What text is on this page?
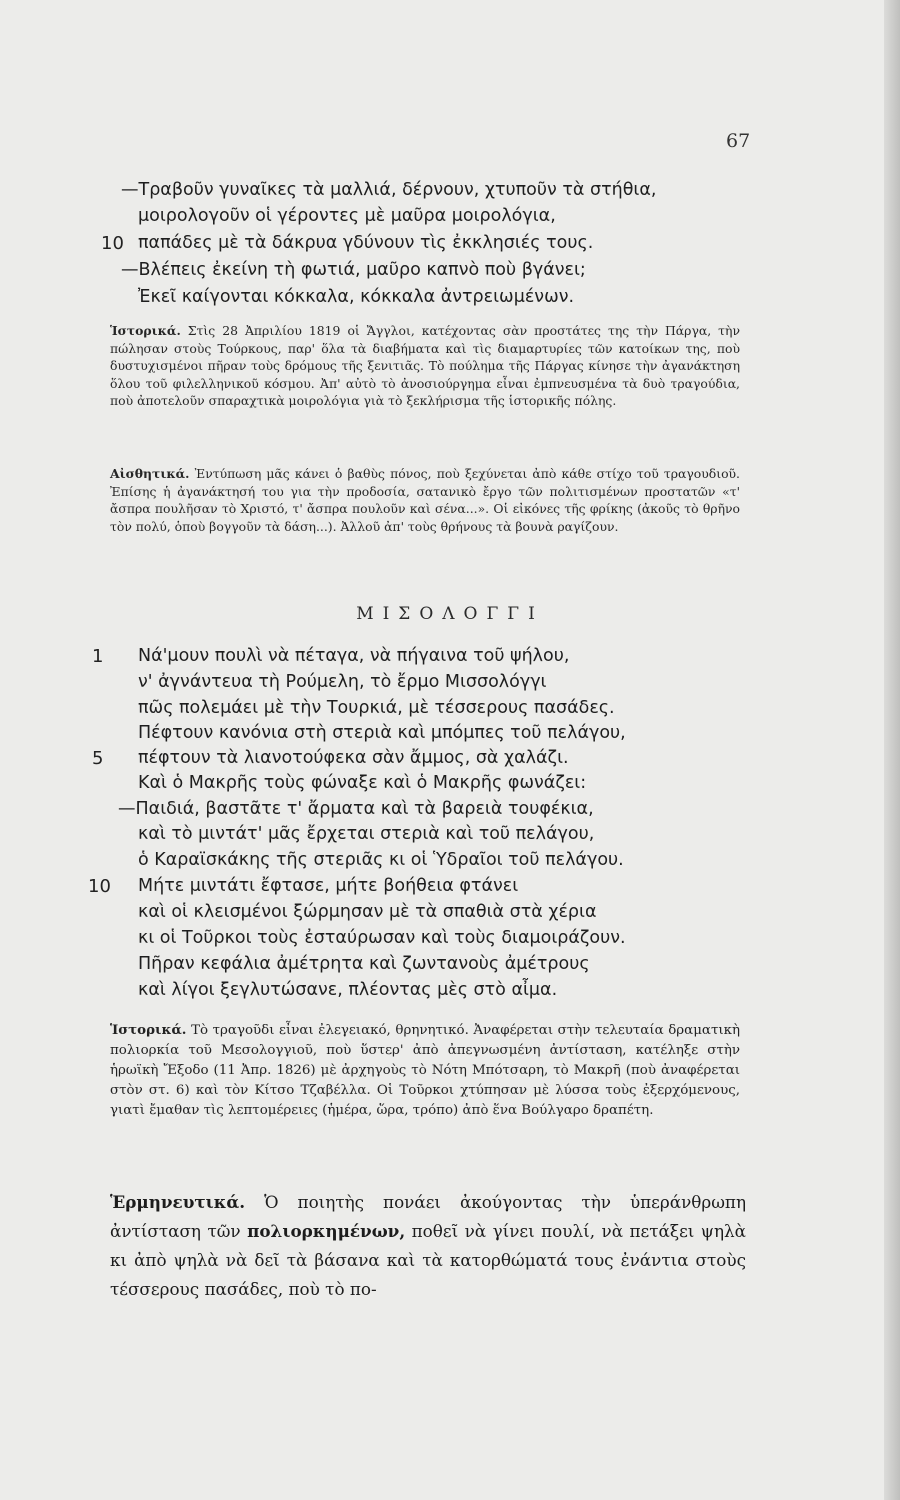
67
—Τραβοῦν γυναῖκες τὰ μαλλιά, δέρνουν, χτυποῦν τὰ στήθια,
μοιρολογοῦν οἱ γέροντες μὲ μαῦρα μοιρολόγια,
10 παπάδες μὲ τὰ δάκρυα γδύνουν τὶς ἐκκλησιές τους.
—Βλέπεις ἐκείνη τὴ φωτιά, μαῦρο καπνὸ ποὺ βγάνει;
Ἐκεῖ καίγονται κόκκαλα, κόκκαλα ἀντρειωμένων.
Ἱστορικά. Στὶς 28 Ἀπριλίου 1819 οἱ Ἄγγλοι, κατέχοντας σὰν προστάτες της τὴν Πάργα, τὴν πώλησαν στοὺς Τούρκους, παρ' ὅλα τὰ διαβήματα καὶ τὶς διαμαρτυρίες τῶν κατοίκων της, ποὺ δυστυχισμένοι πῆραν τοὺς δρόμους τῆς ξενιτιᾶς. Τὸ πούλημα τῆς Πάργας κίνησε τὴν ἀγανάκτηση ὅλου τοῦ φιλελληνικοῦ κόσμου. Ἀπ' αὐτὸ τὸ ἀνοσιούργημα εἶναι ἐμπνευσμένα τὰ δυὸ τραγούδια, ποὺ ἀποτελοῦν σπαραχτικὰ μοιρολόγια γιὰ τὸ ξεκλήρισμα τῆς ἱστορικῆς πόλης.
Αἰσθητικά. Ἐντύπωση μᾶς κάνει ὁ βαθὺς πόνος, ποὺ ξεχύνεται ἀπὸ κάθε στίχο τοῦ τραγουδιοῦ. Ἐπίσης ἡ ἀγανάκτησή του για τὴν προδοσία, σατανικὸ ἔργο τῶν πολιτισμένων προστατῶν «τ' ἄσπρα πουλῆσαν τὸ Χριστό, τ' ἄσπρα πουλοῦν καὶ σένα...». Οἱ εἰκόνες τῆς φρίκης (ἀκοῦς τὸ θρῆνο τὸν πολύ, ὁποὺ βογγοῦν τὰ δάση...). Ἀλλοῦ ἀπ' τοὺς θρήνους τὰ βουνὰ ραγίζουν.
ΜΙΣΟΛΟΓΓΙ
1 Νά'μουν πουλὶ νὰ πέταγα, νὰ πήγαινα τοῦ ψήλου,
ν' ἀγνάντευα τὴ Ρούμελη, τὸ ἔρμο Μισσολόγγι
πῶς πολεμάει μὲ τὴν Τουρκιά, μὲ τέσσερους πασάδες.
Πέφτουν κανόνια στὴ στεριὰ καὶ μπόμπες τοῦ πελάγου,
5 πέφτουν τὰ λιανοτούφεκα σὰν ἄμμος, σὰ χαλάζι.
Καὶ ὁ Μακρῆς τοὺς φώναξε καὶ ὁ Μακρῆς φωνάζει:
—Παιδιά, βαστᾶτε τ' ἄρματα καὶ τὰ βαρειὰ τουφέκια,
καὶ τὸ μιντάτ' μᾶς ἔρχεται στεριὰ καὶ τοῦ πελάγου,
ὁ Καραϊσκάκης τῆς στεριᾶς κι οἱ Ὑδραῖοι τοῦ πελάγου.
10 Μήτε μιντάτι ἔφτασε, μήτε βοήθεια φτάνει
καὶ οἱ κλεισμένοι ξώρμησαν μὲ τὰ σπαθιὰ στὰ χέρια
κι οἱ Τοῦρκοι τοὺς ἐσταύρωσαν καὶ τοὺς διαμοιράζουν.
Πῆραν κεφάλια ἀμέτρητα καὶ ζωντανοὺς ἀμέτρους
καὶ λίγοι ξεγλυτώσανε, πλέοντας μὲς στὸ αἶμα.
Ἱστορικά. Τὸ τραγοῦδι εἶναι ἐλεγειακό, θρηνητικό. Ἀναφέρεται στὴν τελευταία δραματικὴ πολιορκία τοῦ Μεσολογγιοῦ, ποὺ ὕστερ' ἀπὸ ἀπεγνωσμένη ἀντίσταση, κατέληξε στὴν ἡρωϊκὴ Ἔξοδο (11 Ἀπρ. 1826) μὲ ἀρχηγοὺς τὸ Νότη Μπότσαρη, τὸ Μακρῆ (ποὺ ἀναφέρεται στὸν στ. 6) καὶ τὸν Κίτσο Τζαβέλλα. Οἱ Τοῦρκοι χτύπησαν μὲ λύσσα τοὺς ἐξερχόμενους, γιατὶ ἔμαθαν τὶς λεπτομέρειες (ἡμέρα, ὥρα, τρόπο) ἀπὸ ἕνα Βούλγαρο δραπέτη.
Ἑρμηνευτικά. Ὁ ποιητὴς πονάει ἀκούγοντας τὴν ὑπεράνθρωπη ἀντίσταση τῶν πολιορκημένων, ποθεῖ νὰ γίνει πουλί, νὰ πετάξει ψηλὰ κι ἀπὸ ψηλὰ νὰ δεῖ τὰ βάσανα καὶ τὰ κατορθώματά τους ἐνάντια στοὺς τέσσερους πασάδες, ποὺ τὸ πο-
